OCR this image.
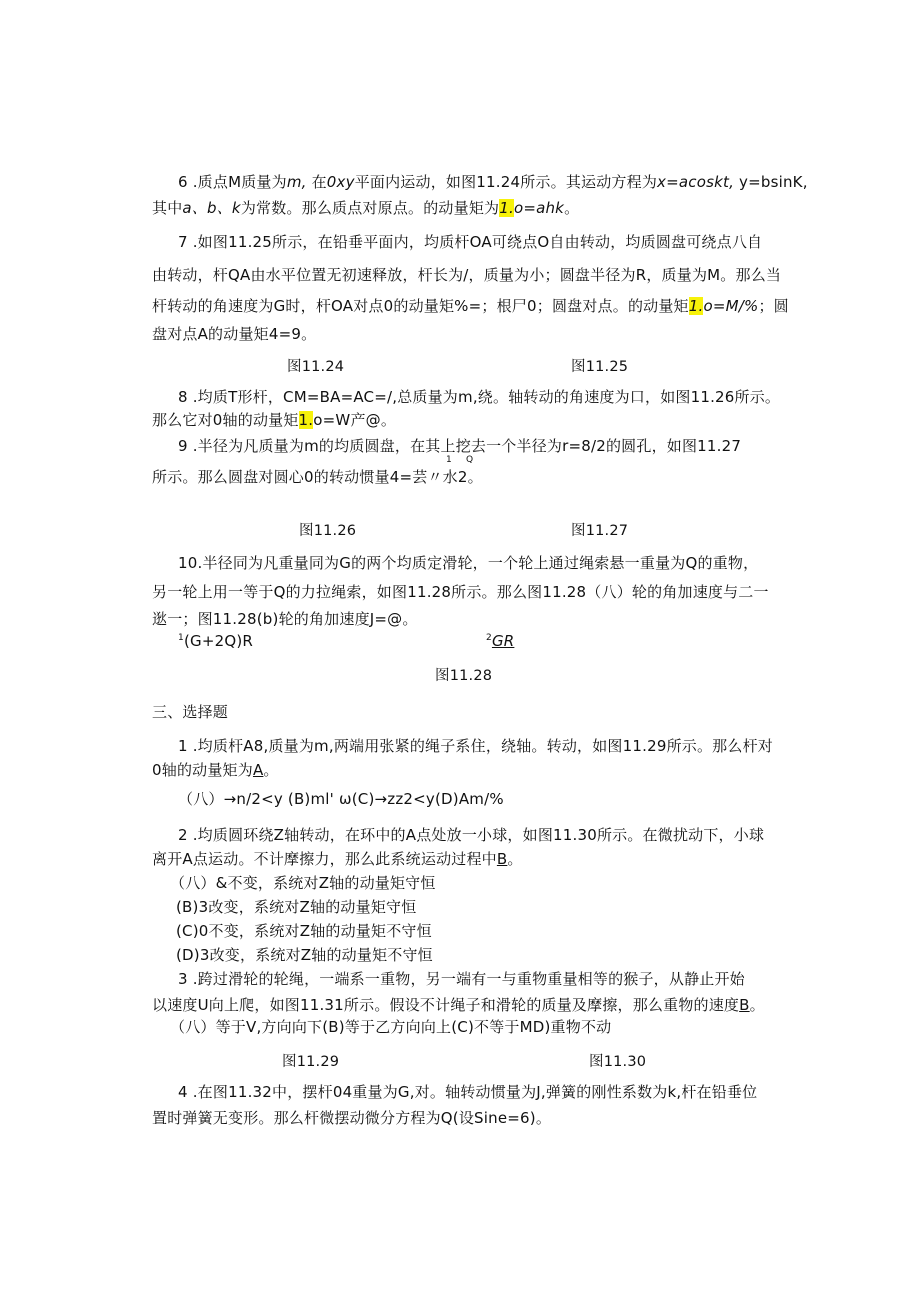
6 .质点M质量为m, 在0xy平面内运动，如图11.24所示。其运动方程为x=acoskt, y=bsinK,

其中a、b、k为常数。那么质点对原点。的动量矩为1.o=ahk。

7 .如图11.25所示，在铅垂平面内，均质杆OA可绕点O自由转动，均质圆盘可绕点八自

由转动，杆QA由水平位置无初速释放，杆长为/，质量为小；圆盘半径为R，质量为M。那么当

杆转动的角速度为G时，杆OA对点0的动量矩%=；根尸0；圆盘对点。的动量矩1.o=M/%；圆

盘对点A的动量矩4=9。

图11.24	图11.25

8 .均质T形杆，CM=BA=AC=/,总质量为m,绕。轴转动的角速度为口，如图11.26所示。

那么它对0轴的动量矩1.o=W产@。

9 .半径为凡质量为m的均质圆盘，在其上挖去一个半径为r=8/2的圆孔，如图11.27

1 Q

所示。那么圆盘对圆心0的转动惯量4=芸〃水2。

图11.26	图11.27

10.半径同为凡重量同为G的两个均质定滑轮，一个轮上通过绳索悬一重量为Q的重物，

另一轮上用一等于Q的力拉绳索，如图11.28所示。那么图11.28（八）轮的角加速度与二一

逖一；图11.28(b)轮的角加速度J=@。

$^1$(G+2Q)R	$^2$GR

图11.28

三、选择题

1 .均质杆A8,质量为m,两端用张紧的绳子系住，绕轴。转动，如图11.29所示。那么杆对

0轴的动量矩为A。

（八）→n/2<y (B)ml' ω(C)→zz2<y(D)Am/%

2 .均质圆环绕Z轴转动，在环中的A点处放一小球，如图11.30所示。在微扰动下，小球

离开A点运动。不计摩擦力，那么此系统运动过程中B。

（八）&不变，系统对Z轴的动量矩守恒

(B)3改变，系统对Z轴的动量矩守恒

(C)0不变，系统对Z轴的动量矩不守恒

(D)3改变，系统对Z轴的动量矩不守恒

3 .跨过滑轮的轮绳，一端系一重物，另一端有一与重物重量相等的猴子，从静止开始

以速度U向上爬，如图11.31所示。假设不计绳子和滑轮的质量及摩擦，那么重物的速度B。

（八）等于V,方向向下(B)等于乙方向向上(C)不等于MD)重物不动

图11.29	图11.30

4 .在图11.32中，摆杆04重量为G,对。轴转动惯量为J,弹簧的刚性系数为k,杆在铅垂位

置时弹簧无变形。那么杆微摆动微分方程为Q(设Sine=6)。
